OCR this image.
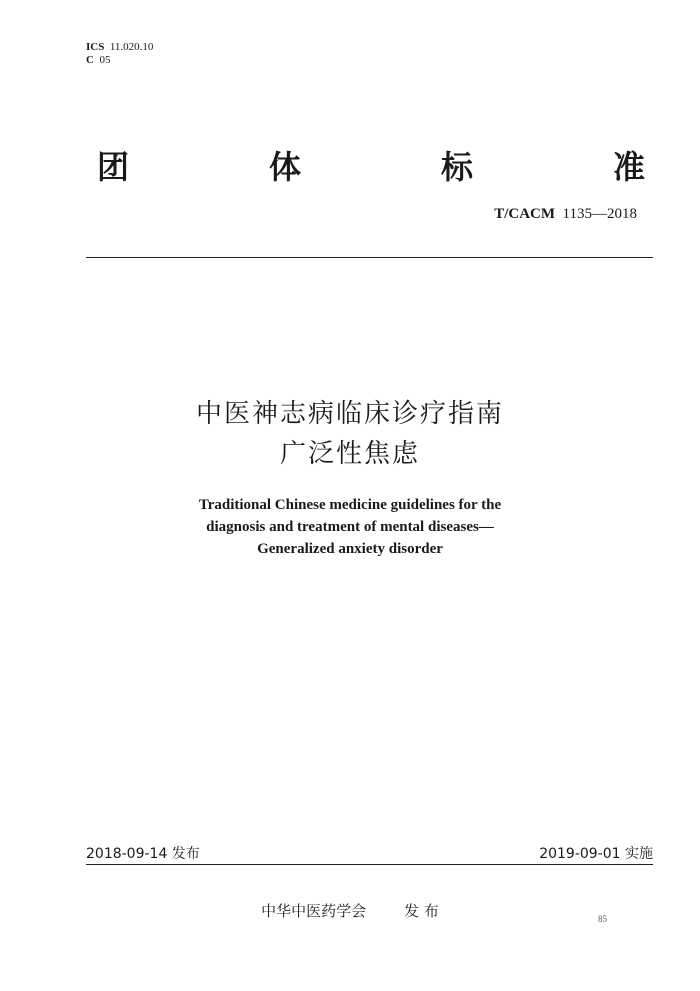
ICS 11.020.10
C 05
团	体	标	准
T/CACM 1135—2018
中医神志病临床诊疗指南
广泛性焦虑
Traditional Chinese medicine guidelines for the
diagnosis and treatment of mental diseases—
Generalized anxiety disorder
2018-09-14 发布	2019-09-01 实施
中华中医药学会	发 布	85
